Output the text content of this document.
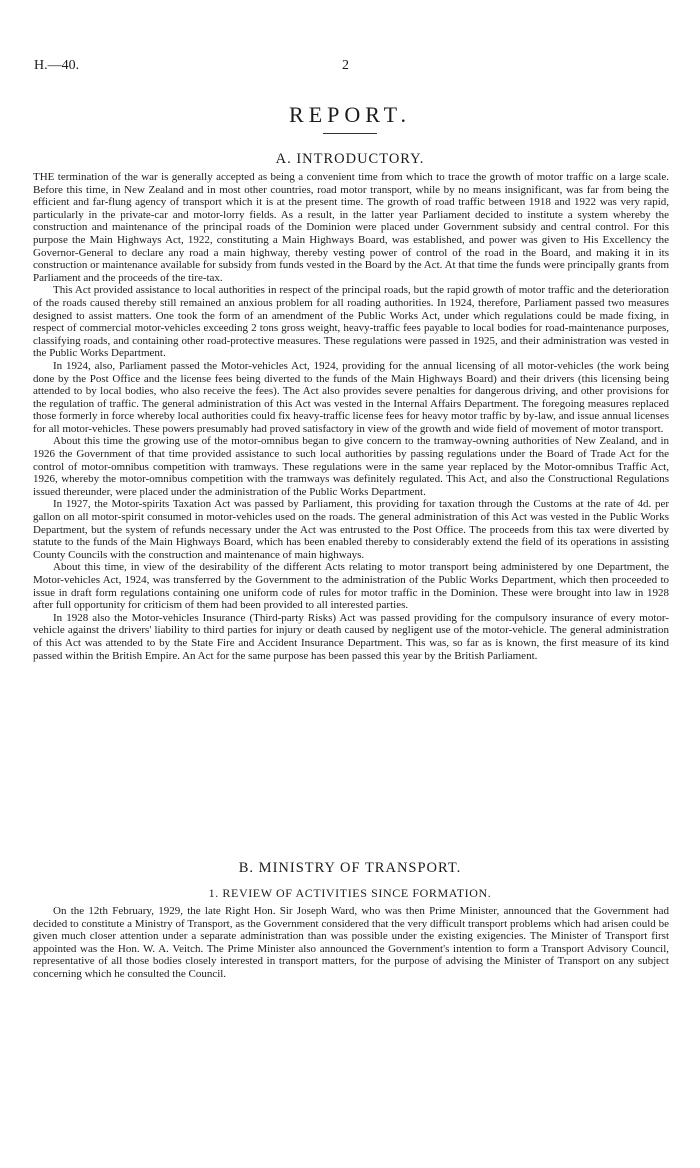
H.—40.	2
REPORT.
A. INTRODUCTORY.

THE termination of the war is generally accepted as being a convenient time from which to trace the growth of motor traffic on a large scale. Before this time, in New Zealand and in most other countries, road motor transport, while by no means insignificant, was far from being the efficient and far-flung agency of transport which it is at the present time. The growth of road traffic between 1918 and 1922 was very rapid, particularly in the private-car and motor-lorry fields. As a result, in the latter year Parliament decided to institute a system whereby the construction and maintenance of the principal roads of the Dominion were placed under Government subsidy and central control. For this purpose the Main Highways Act, 1922, constituting a Main Highways Board, was established, and power was given to His Excellency the Governor-General to declare any road a main highway, thereby vesting power of control of the road in the Board, and making it in its construction or maintenance available for subsidy from funds vested in the Board by the Act. At that time the funds were principally grants from Parliament and the proceeds of the tire-tax.

This Act provided assistance to local authorities in respect of the principal roads, but the rapid growth of motor traffic and the deterioration of the roads caused thereby still remained an anxious problem for all roading authorities. In 1924, therefore, Parliament passed two measures designed to assist matters. One took the form of an amendment of the Public Works Act, under which regulations could be made fixing, in respect of commercial motor-vehicles exceeding 2 tons gross weight, heavy-traffic fees payable to local bodies for road-maintenance purposes, classifying roads, and containing other road-protective measures. These regulations were passed in 1925, and their administration was vested in the Public Works Department.

In 1924, also, Parliament passed the Motor-vehicles Act, 1924, providing for the annual licensing of all motor-vehicles (the work being done by the Post Office and the license fees being diverted to the funds of the Main Highways Board) and their drivers (this licensing being attended to by local bodies, who also receive the fees). The Act also provides severe penalties for dangerous driving, and other provisions for the regulation of traffic. The general administration of this Act was vested in the Internal Affairs Department. The foregoing measures replaced those formerly in force whereby local authorities could fix heavy-traffic license fees for heavy motor traffic by by-law, and issue annual licenses for all motor-vehicles. These powers presumably had proved satisfactory in view of the growth and wide field of movement of motor transport.

About this time the growing use of the motor-omnibus began to give concern to the tramway-owning authorities of New Zealand, and in 1926 the Government of that time provided assistance to such local authorities by passing regulations under the Board of Trade Act for the control of motor-omnibus competition with tramways. These regulations were in the same year replaced by the Motor-omnibus Traffic Act, 1926, whereby the motor-omnibus competition with the tramways was definitely regulated. This Act, and also the Constructional Regulations issued thereunder, were placed under the administration of the Public Works Department.

In 1927, the Motor-spirits Taxation Act was passed by Parliament, this providing for taxation through the Customs at the rate of 4d. per gallon on all motor-spirit consumed in motor-vehicles used on the roads. The general administration of this Act was vested in the Public Works Department, but the system of refunds necessary under the Act was entrusted to the Post Office. The proceeds from this tax were diverted by statute to the funds of the Main Highways Board, which has been enabled thereby to considerably extend the field of its operations in assisting County Councils with the construction and maintenance of main highways.

About this time, in view of the desirability of the different Acts relating to motor transport being administered by one Department, the Motor-vehicles Act, 1924, was transferred by the Government to the administration of the Public Works Department, which then proceeded to issue in draft form regulations containing one uniform code of rules for motor traffic in the Dominion. These were brought into law in 1928 after full opportunity for criticism of them had been provided to all interested parties.

In 1928 also the Motor-vehicles Insurance (Third-party Risks) Act was passed providing for the compulsory insurance of every motor-vehicle against the drivers' liability to third parties for injury or death caused by negligent use of the motor-vehicle. The general administration of this Act was attended to by the State Fire and Accident Insurance Department. This was, so far as is known, the first measure of its kind passed within the British Empire. An Act for the same purpose has been passed this year by the British Parliament.

B. MINISTRY OF TRANSPORT.
1. REVIEW OF ACTIVITIES SINCE FORMATION.

On the 12th February, 1929, the late Right Hon. Sir Joseph Ward, who was then Prime Minister, announced that the Government had decided to constitute a Ministry of Transport, as the Government considered that the very difficult transport problems which had arisen could be given much closer attention under a separate administration than was possible under the existing exigencies. The Minister of Transport first appointed was the Hon. W. A. Veitch. The Prime Minister also announced the Government's intention to form a Transport Advisory Council, representative of all those bodies closely interested in transport matters, for the purpose of advising the Minister of Transport on any subject concerning which he consulted the Council.
